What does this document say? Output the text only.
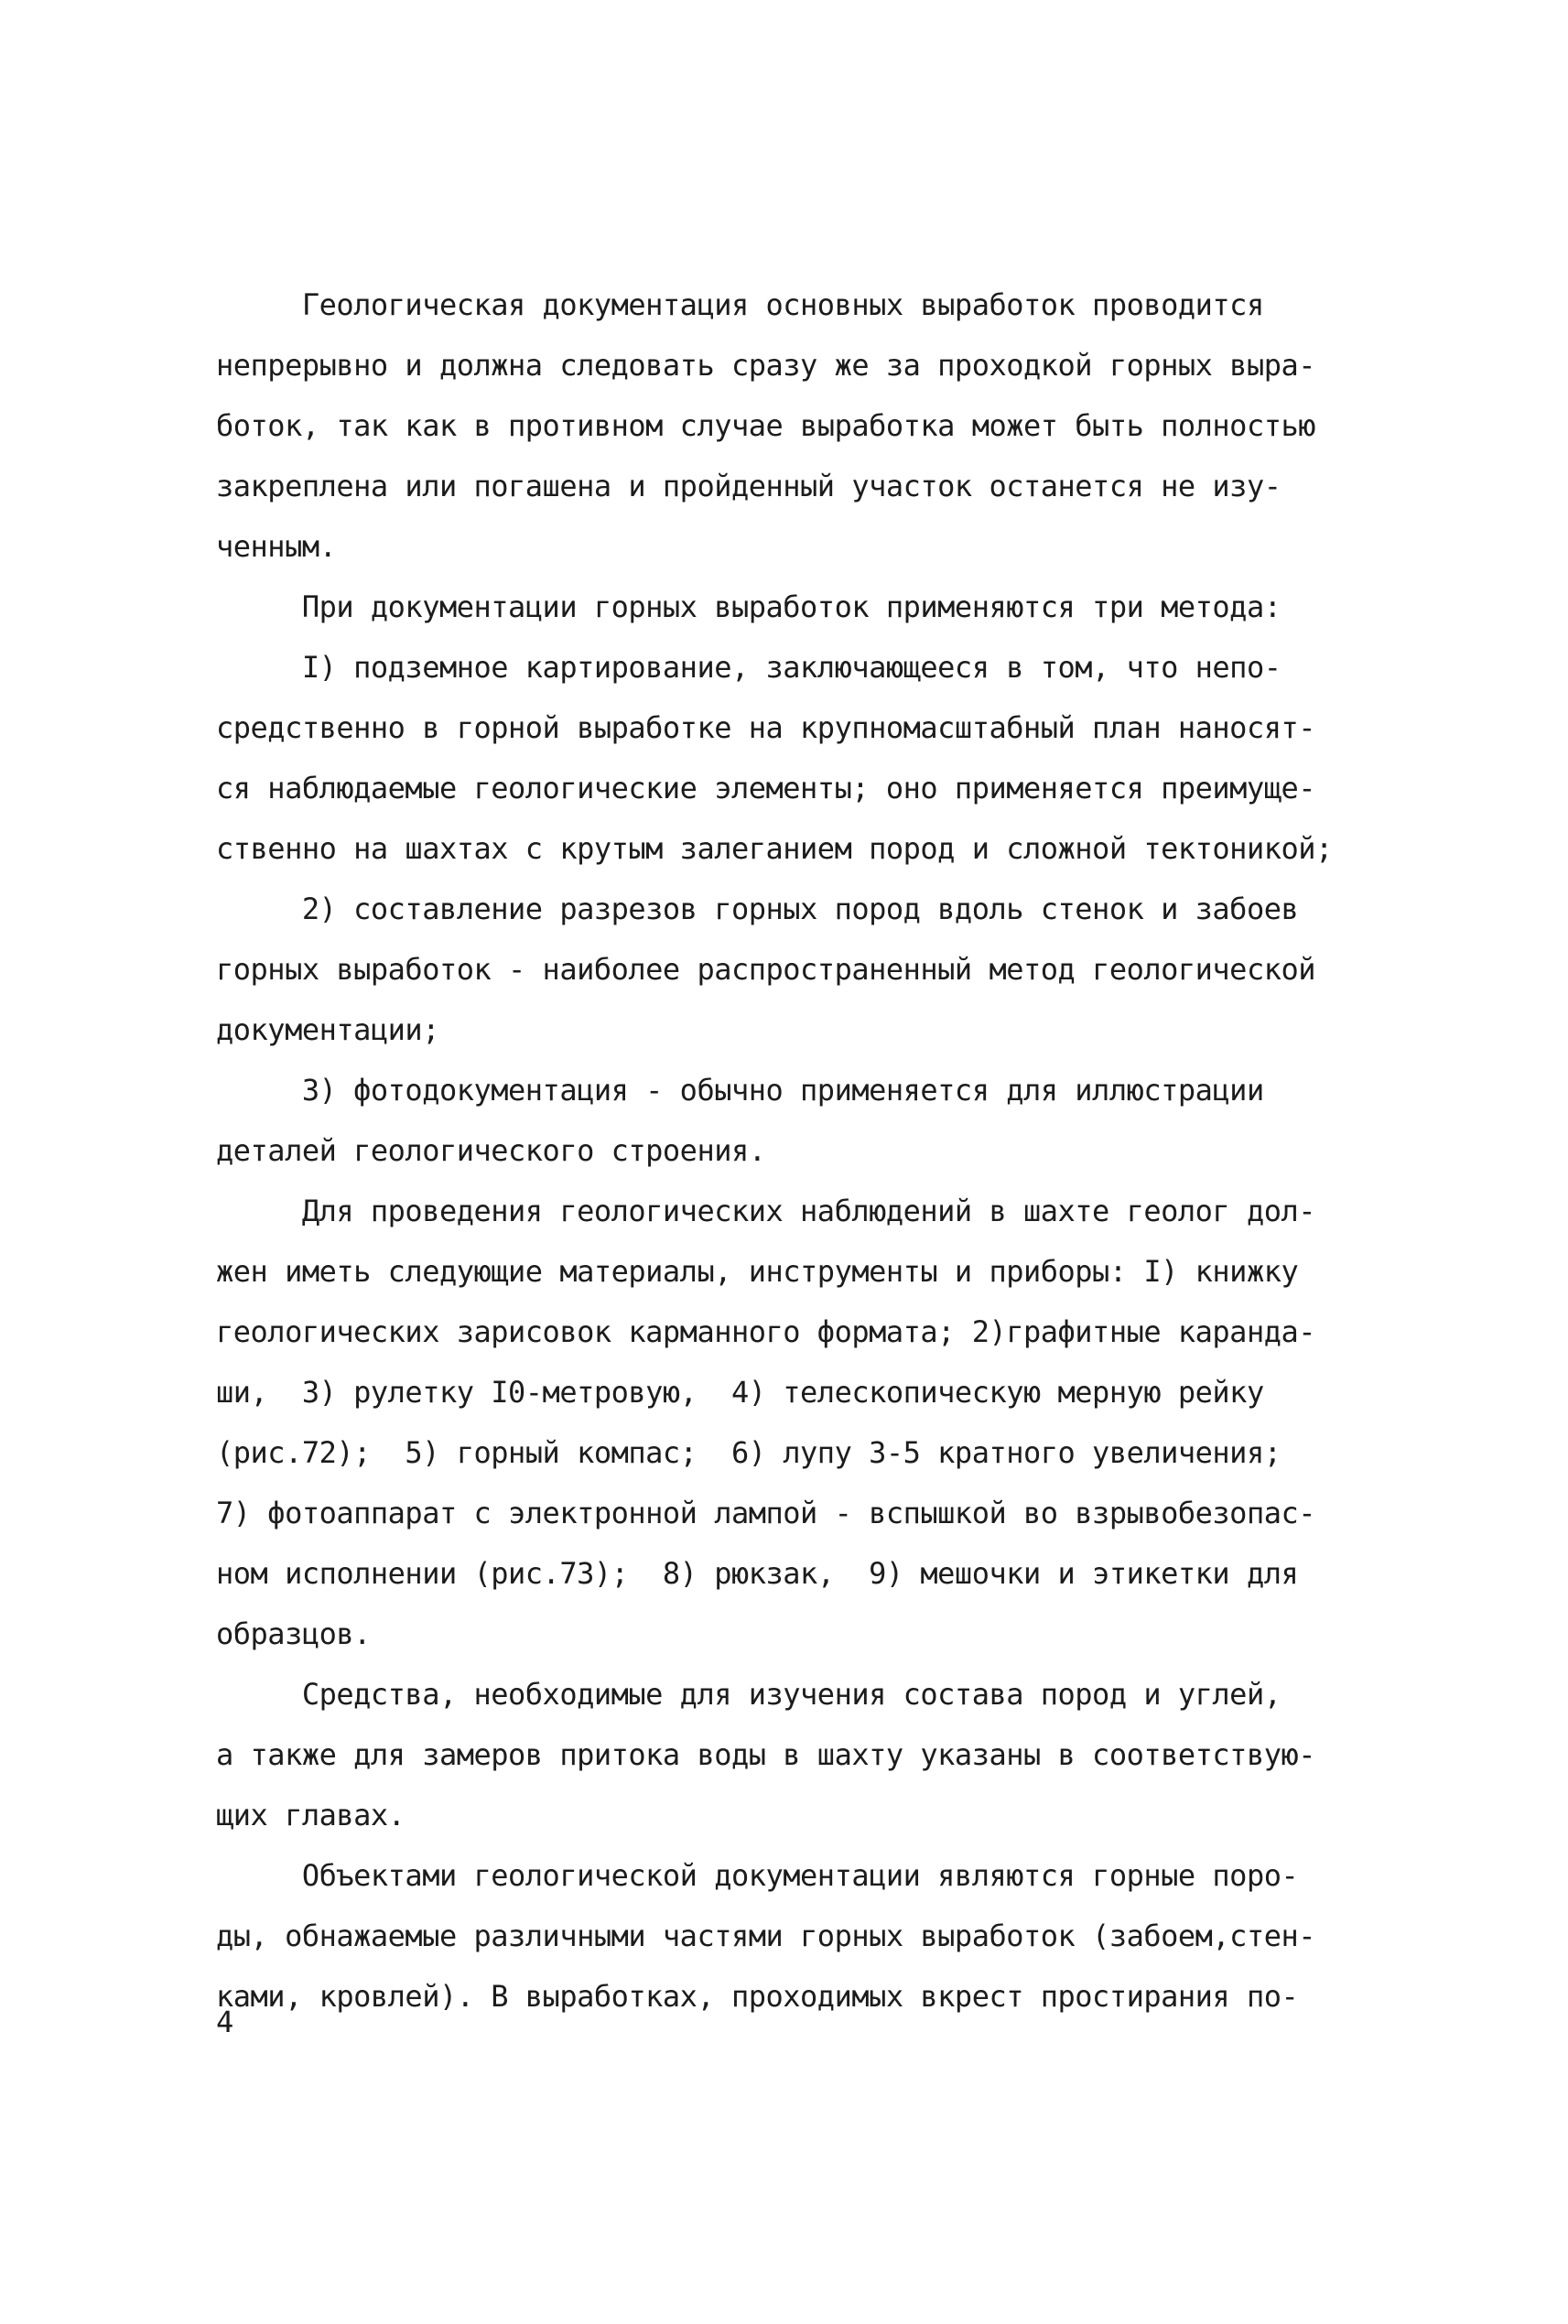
Геологическая документация основных выработок проводится
непрерывно и должна следовать сразу же за проходкой горных выра-
боток, так как в противном случае выработка может быть полностью
закреплена или погашена и пройденный участок останется не изу-
ченным.
При документации горных выработок применяются три метода:
I) подземное картирование, заключающееся в том, что непо-
средственно в горной выработке на крупномасштабный план наносят-
ся наблюдаемые геологические элементы; оно применяется преимуще-
ственно на шахтах с крутым залеганием пород и сложной тектоникой;
2) составление разрезов горных пород вдоль стенок и забоев
горных выработок - наиболее распространенный метод геологической
документации;
3) фотодокументация - обычно применяется для иллюстрации
деталей геологического строения.
Для проведения геологических наблюдений в шахте геолог дол-
жен иметь следующие материалы, инструменты и приборы: I) книжку
геологических зарисовок карманного формата; 2)графитные каранда-
ши,  3) рулетку I0-метровую,  4) телескопическую мерную рейку
(рис.72);  5) горный компас;  6) лупу 3-5 кратного увеличения;
7) фотоаппарат с электронной лампой - вспышкой во взрывобезопас-
ном исполнении (рис.73);  8) рюкзак,  9) мешочки и этикетки для
образцов.
Средства, необходимые для изучения состава пород и углей,
а также для замеров притока воды в шахту указаны в соответствую-
щих главах.
Объектами геологической документации являются горные поро-
ды, обнажаемые различными частями горных выработок (забоем,стен-
ками, кровлей). В выработках, проходимых вкрест простирания по-
4
